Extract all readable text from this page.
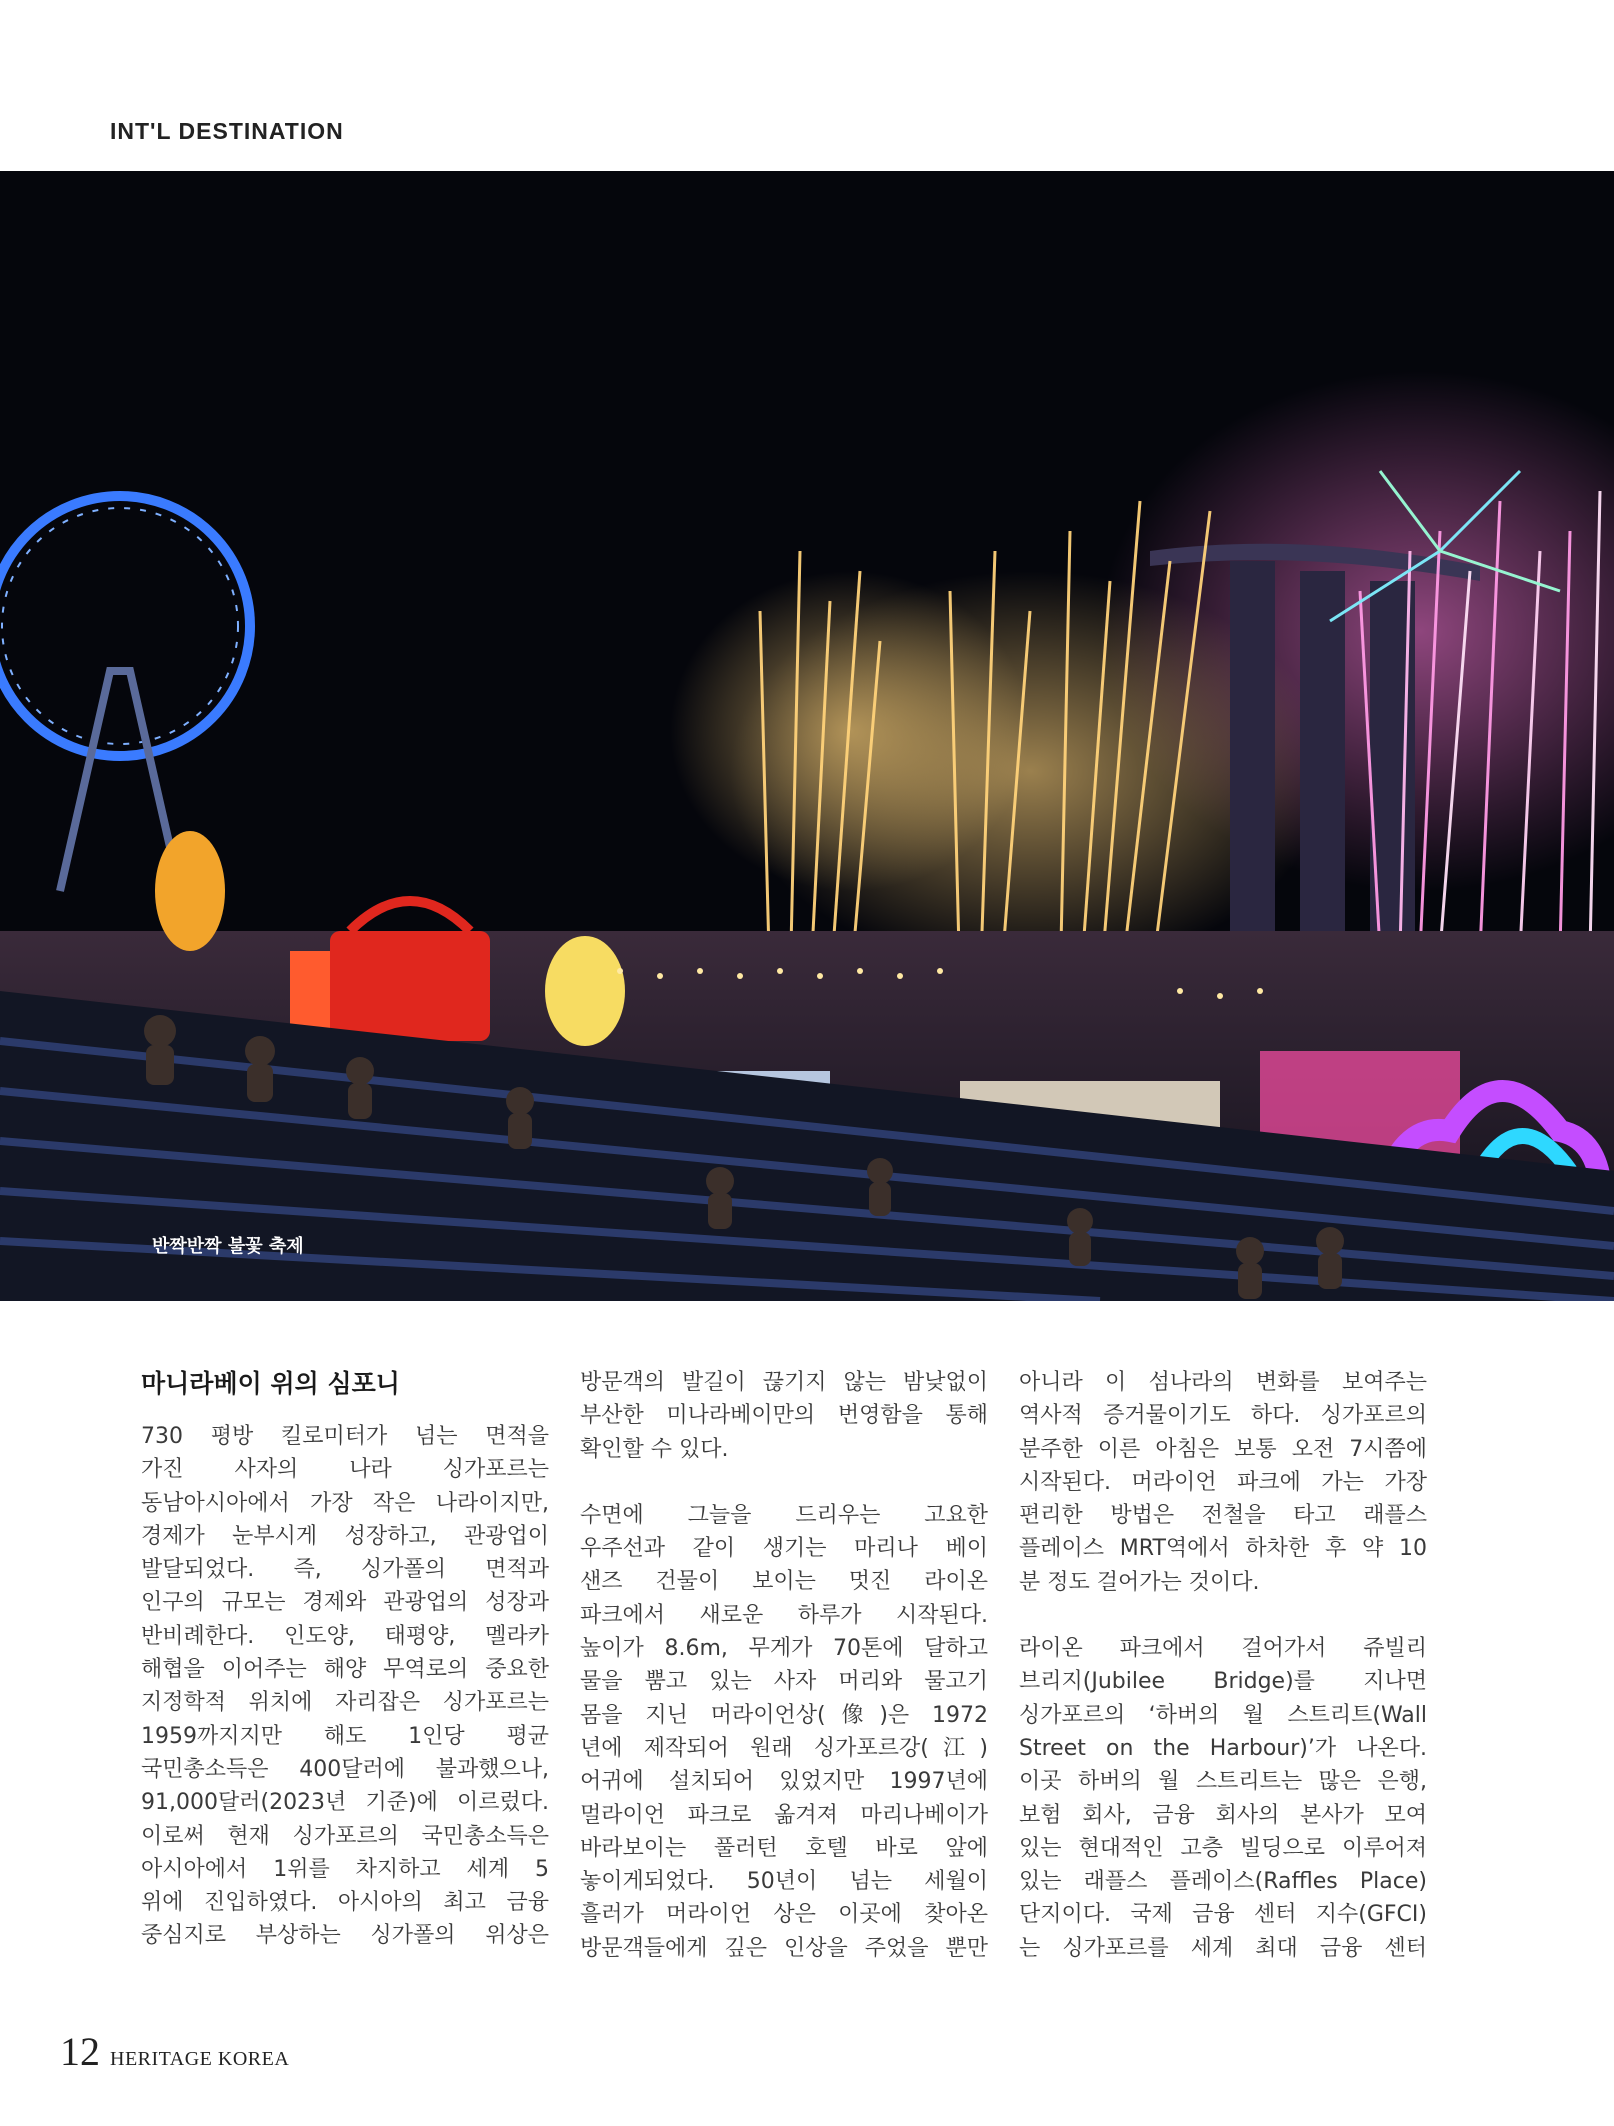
INT'L DESTINATION
반짝반짝 불꽃 축제
마니라베이 위의 심포니
730 평방 킬로미터가 넘는 면적을
가진 사자의 나라 싱가포르는
동남아시아에서 가장 작은 나라이지만,
경제가 눈부시게 성장하고, 관광업이
발달되었다. 즉, 싱가폴의 면적과
인구의 규모는 경제와 관광업의 성장과
반비례한다. 인도양, 태평양, 멜라카
해협을 이어주는 해양 무역로의 중요한
지정학적 위치에 자리잡은 싱가포르는
1959까지지만 해도 1인당 평균
국민총소득은 400달러에 불과했으나,
91,000달러(2023년 기준)에 이르렀다.
이로써 현재 싱가포르의 국민총소득은
아시아에서 1위를 차지하고 세계 5
위에 진입하였다. 아시아의 최고 금융
중심지로 부상하는 싱가폴의 위상은
방문객의 발길이 끊기지 않는 밤낮없이
부산한 미나라베이만의 번영함을 통해
확인할 수 있다.
수면에 그늘을 드리우는 고요한
우주선과 같이 생기는 마리나 베이
샌즈 건물이 보이는 멋진 라이온
파크에서 새로운 하루가 시작된다.
높이가 8.6m, 무게가 70톤에 달하고
물을 뿜고 있는 사자 머리와 물고기
몸을 지닌 머라이언상(像)은 1972
년에 제작되어 원래 싱가포르강(江)
어귀에 설치되어 있었지만 1997년에
멀라이언 파크로 옮겨져 마리나베이가
바라보이는 풀러턴 호텔 바로 앞에
놓이게되었다. 50년이 넘는 세월이
흘러가 머라이언 상은 이곳에 찾아온
방문객들에게 깊은 인상을 주었을 뿐만
아니라 이 섬나라의 변화를 보여주는
역사적 증거물이기도 하다. 싱가포르의
분주한 이른 아침은 보통 오전 7시쯤에
시작된다. 머라이언 파크에 가는 가장
편리한 방법은 전철을 타고 래플스
플레이스 MRT역에서 하차한 후 약 10
분 정도 걸어가는 것이다.
라이온 파크에서 걸어가서 쥬빌리
브리지(Jubilee Bridge)를 지나면
싱가포르의 ‘하버의 월 스트리트(Wall
Street on the Harbour)’가 나온다.
이곳 하버의 월 스트리트는 많은 은행,
보험 회사, 금융 회사의 본사가 모여
있는 현대적인 고층 빌딩으로 이루어져
있는 래플스 플레이스(Raffles Place)
단지이다. 국제 금융 센터 지수(GFCI)
는 싱가포르를 세계 최대 금융 센터
12 HERITAGE KOREA
